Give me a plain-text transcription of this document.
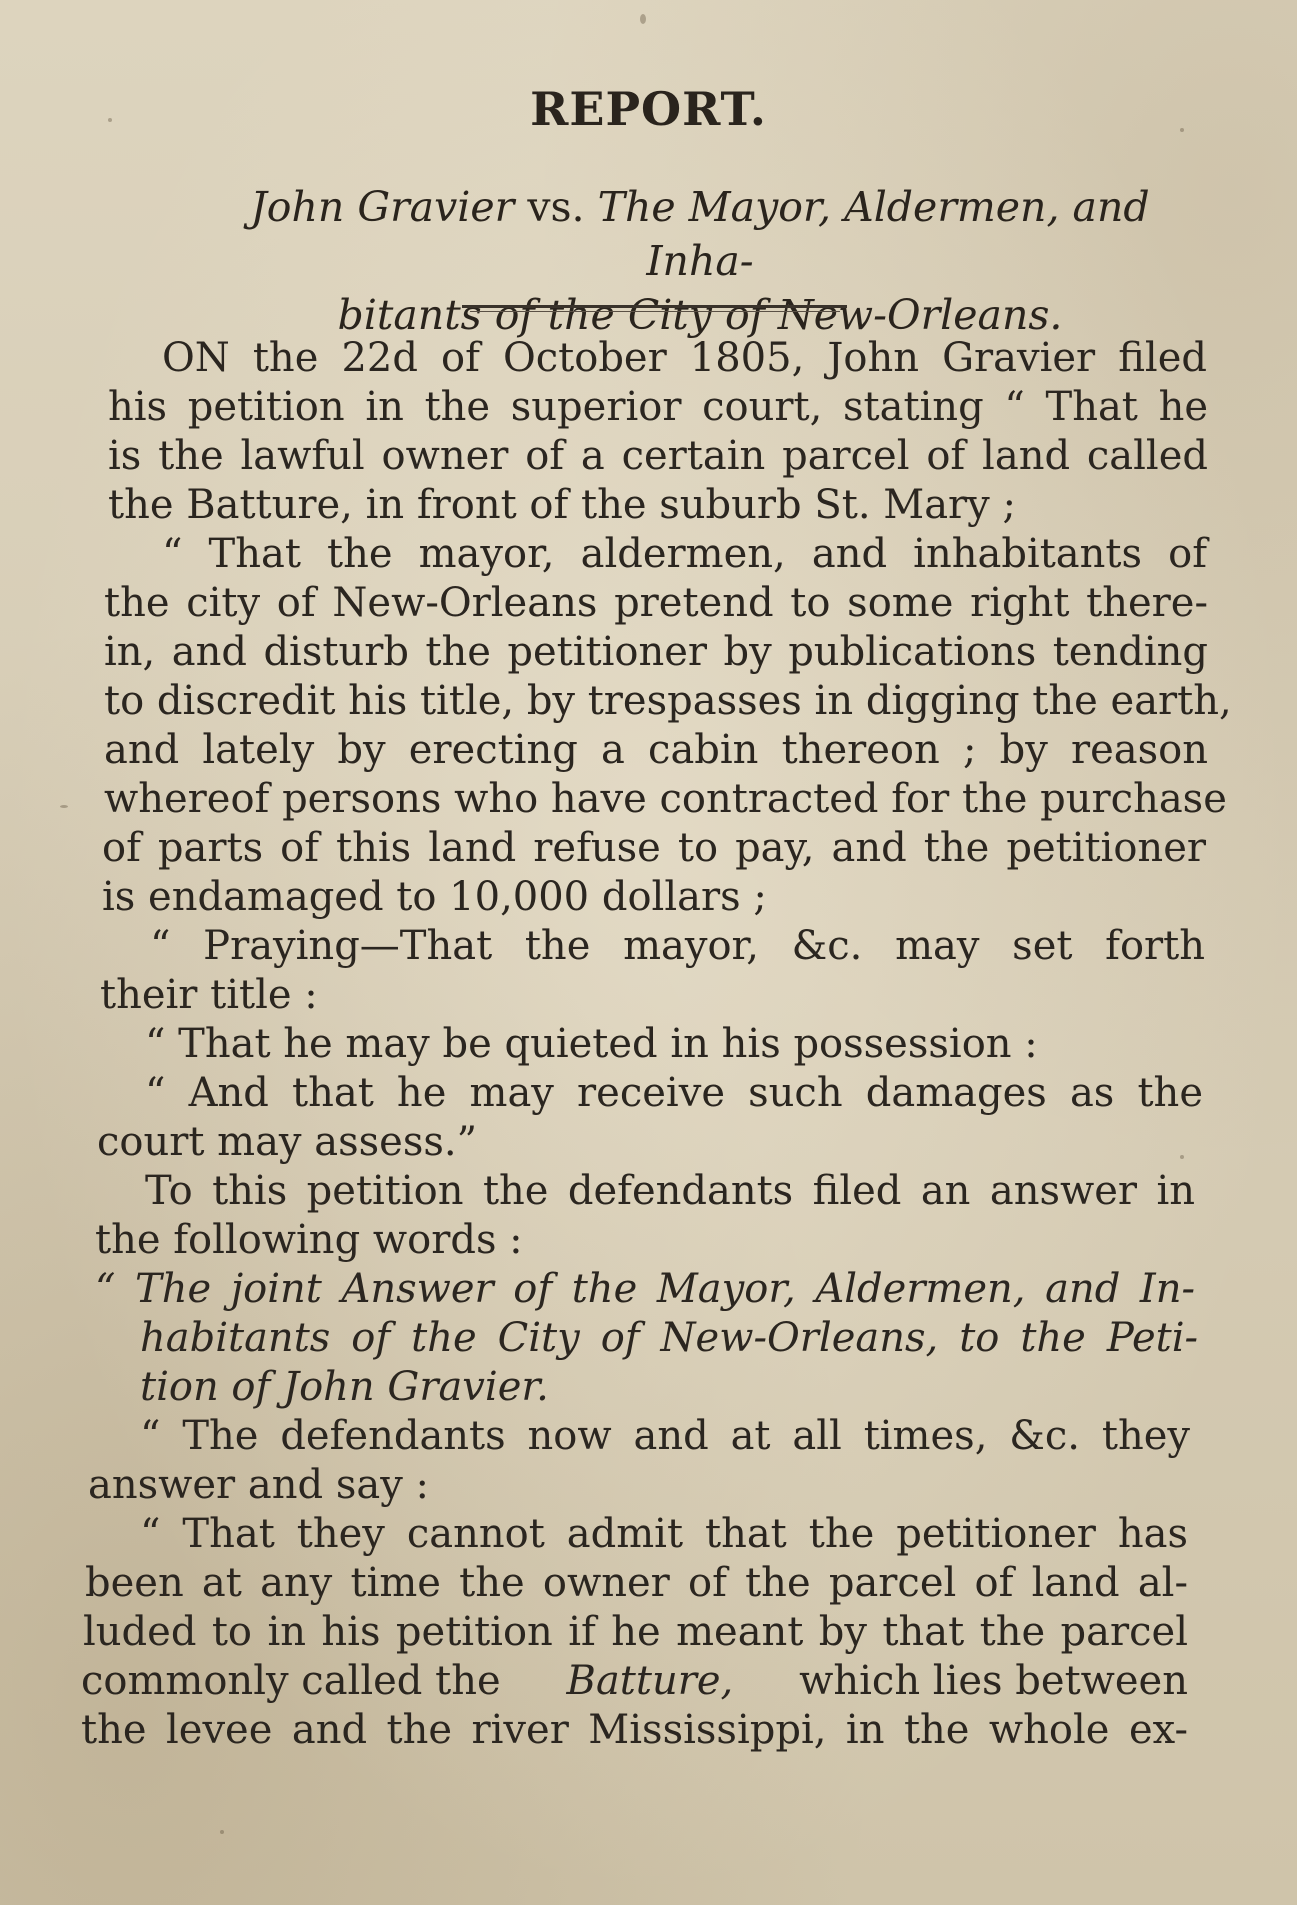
REPORT.
John Gravier vs. The Mayor, Aldermen, and Inha-
bitants of the City of New-Orleans.
ON the 22d of October 1805, John Gravier filed
his petition in the superior court, stating “ That he
is the lawful owner of a certain parcel of land called
the Batture, in front of the suburb St. Mary ;
“ That the mayor, aldermen, and inhabitants of
the city of New-Orleans pretend to some right there-
in, and disturb the petitioner by publications tending
to discredit his title, by trespasses in digging the earth,
and lately by erecting a cabin thereon ; by reason
whereof persons who have contracted for the purchase
of parts of this land refuse to pay, and the petitioner
is endamaged to 10,000 dollars ;
“ Praying—That the mayor, &c. may set forth
their title :
“ That he may be quieted in his possession :
“ And that he may receive such damages as the
court may assess.”
To this petition the defendants filed an answer in
the following words :
“ The joint Answer of the Mayor, Aldermen, and In-
habitants of the City of New-Orleans, to the Peti-
tion of John Gravier.
“ The defendants now and at all times, &c. they
answer and say :
“ That they cannot admit that the petitioner has
been at any time the owner of the parcel of land al-
luded to in his petition if he meant by that the parcel
commonly called the Batture, which lies between
the levee and the river Mississippi, in the whole ex-
